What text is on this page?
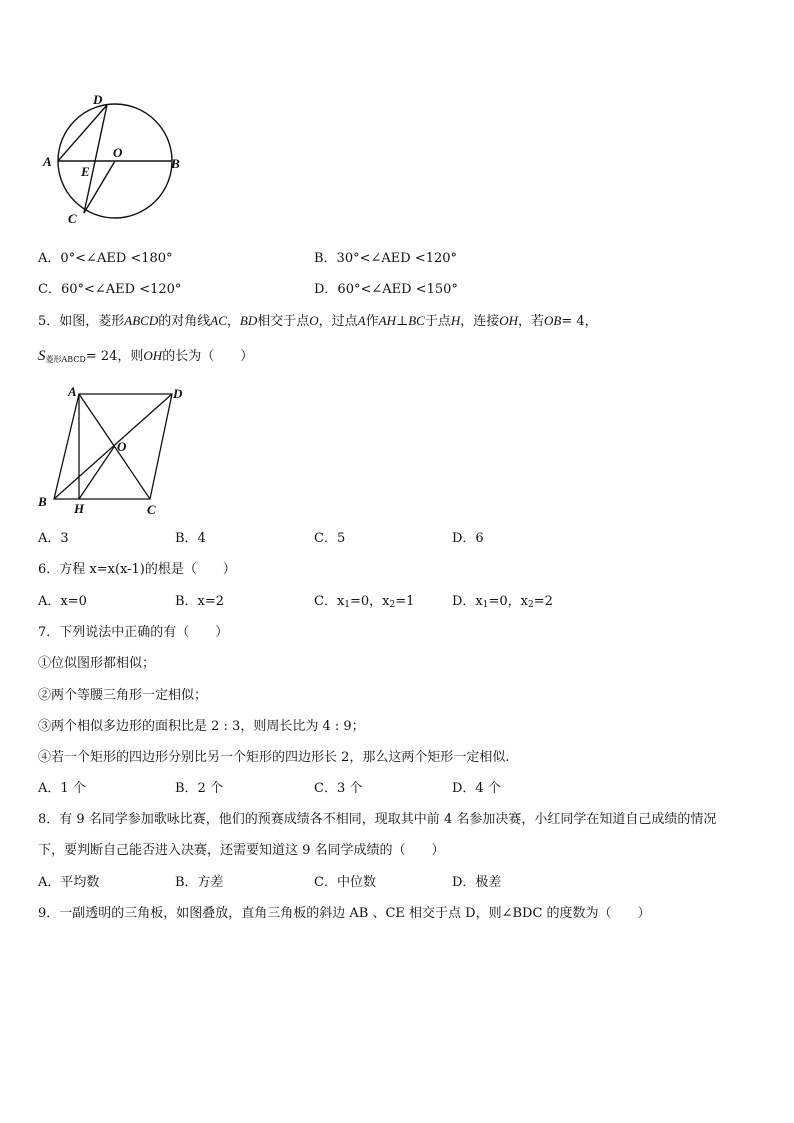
D
A
O
B
E
C
A．0°<∠AED <180°	B．30°<∠AED <120°
C．60°<∠AED <120°	D．60°<∠AED <150°
5．如图，菱形ABCD的对角线AC，BD相交于点O，过点A作AH⊥BC于点H，连接OH，若OB= 4，
$S_{菱形ABCD}= 24$，则OH的长为（　　）
A	D
O
B H	C
A．3	B．4	C．5	D．6
6．方程 x=x(x-1)的根是（　　）
A．x=0	B．x=2	C．$x_1=0$，$x_2=1$	D．$x_1=0$，$x_2=2$
7．下列说法中正确的有（　　）
①位似图形都相似；
②两个等腰三角形一定相似；
③两个相似多边形的面积比是 2 : 3，则周长比为 4 : 9；
④若一个矩形的四边形分别比另一个矩形的四边形长 2，那么这两个矩形一定相似.
A．1 个	B．2 个	C．3 个	D．4 个
8．有 9 名同学参加歌咏比赛，他们的预赛成绩各不相同，现取其中前 4 名参加决赛，小红同学在知道自己成绩的情况
下，要判断自己能否进入决赛，还需要知道这 9 名同学成绩的（　　）
A．平均数	B．方差	C．中位数	D．极差
9．一副透明的三角板，如图叠放，直角三角板的斜边 AB 、CE 相交于点 D，则∠BDC 的度数为（　　）
